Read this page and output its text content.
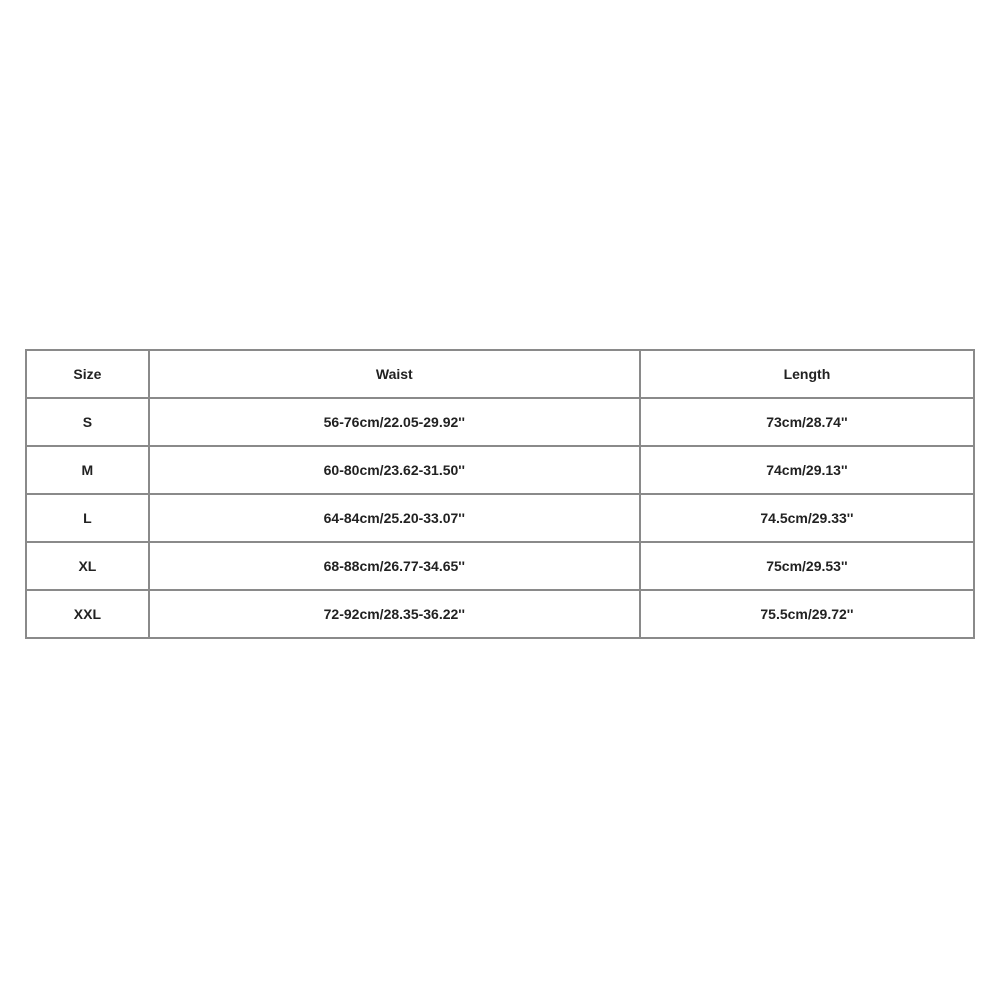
Size	Waist	Length
S	56-76cm/22.05-29.92''	73cm/28.74''
M	60-80cm/23.62-31.50''	74cm/29.13''
L	64-84cm/25.20-33.07''	74.5cm/29.33''
XL	68-88cm/26.77-34.65''	75cm/29.53''
XXL	72-92cm/28.35-36.22''	75.5cm/29.72''
